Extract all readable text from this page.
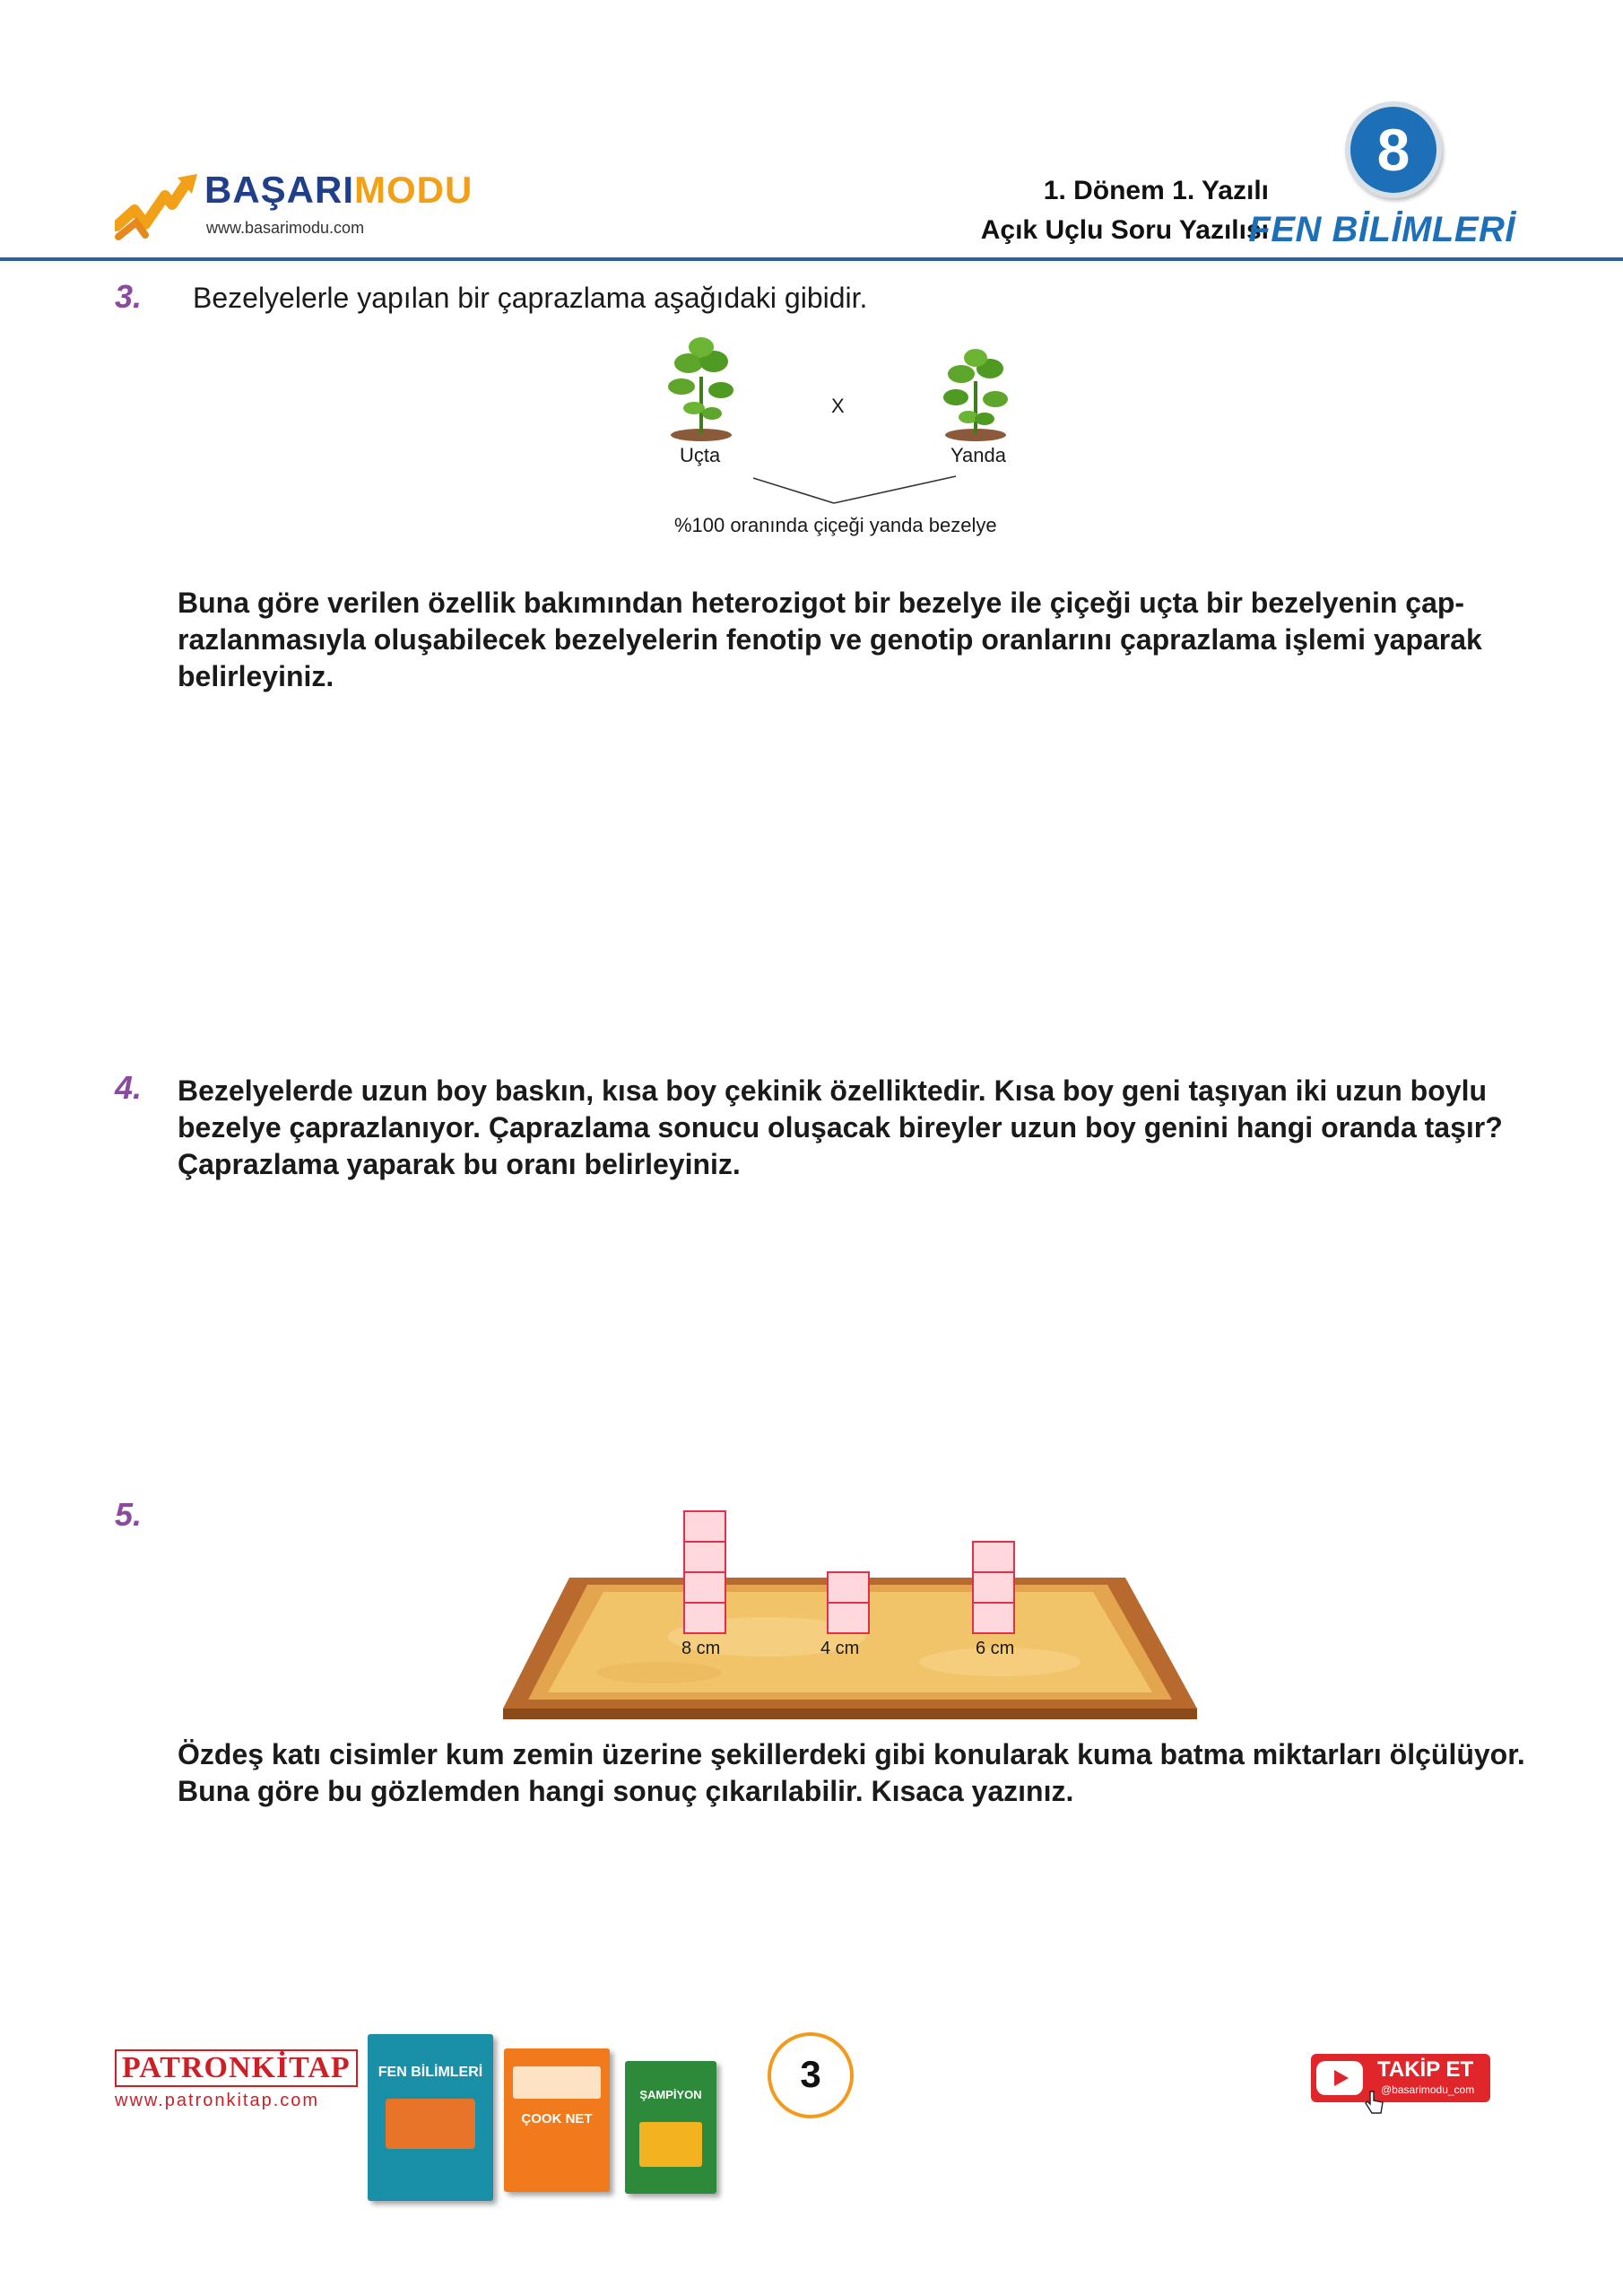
BAŞARIMODU
www.basarimodu.com
1. Dönem 1. Yazılı
Açık Uçlu Soru Yazılısı
FEN BİLİMLERİ
8
3. Bezelyelerle yapılan bir çaprazlama aşağıdaki gibidir.
X
Uçta	Yanda
%100 oranında çiçeği yanda bezelye
Buna göre verilen özellik bakımından heterozigot bir bezelye ile çiçeği uçta bir bezelyenin çap-
razlanmasıyla oluşabilecek bezelyelerin fenotip ve genotip oranlarını çaprazlama işlemi yaparak
belirleyiniz.
4. Bezelyelerde uzun boy baskın, kısa boy çekinik özelliktedir. Kısa boy geni taşıyan iki uzun boylu
bezelye çaprazlanıyor. Çaprazlama sonucu oluşacak bireyler uzun boy genini hangi oranda taşır?
Çaprazlama yaparak bu oranı belirleyiniz.
5.
8 cm	4 cm	6 cm
Özdeş katı cisimler kum zemin üzerine şekillerdeki gibi konularak kuma batma miktarları ölçülüyor.
Buna göre bu gözlemden hangi sonuç çıkarılabilir. Kısaca yazınız.
PATRONKİTAP
www.patronkitap.com
FEN BİLİMLERİ
ÇOOK NET
ŞAMPİYON	3	TAKİP ET
@basarimodu_com
